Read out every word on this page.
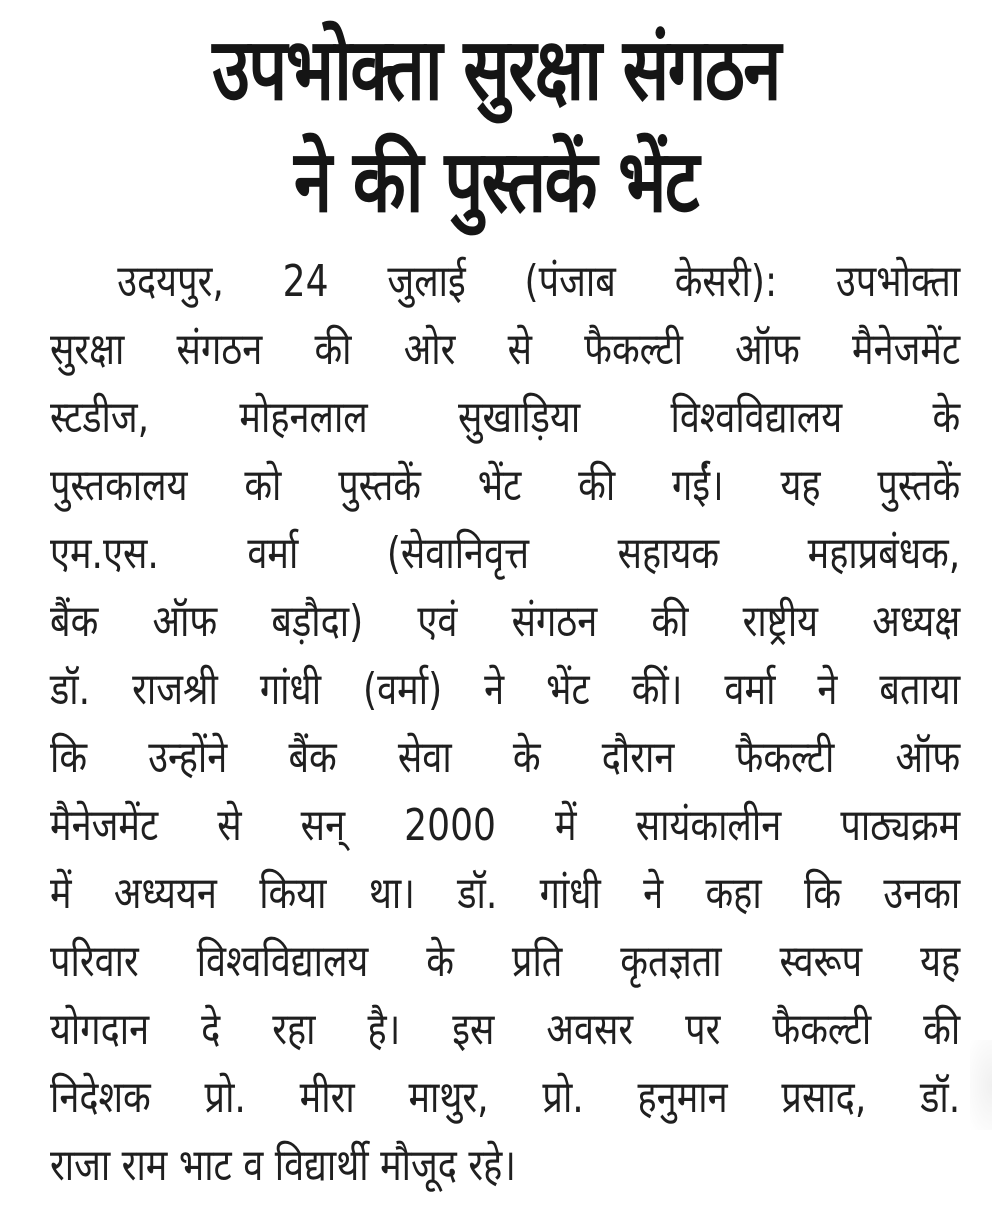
उपभोक्ता सुरक्षा संगठन
ने की पुस्तकें भेंट
उदयपुर, 24 जुलाई (पंजाब केसरी): उपभोक्ता
सुरक्षा संगठन की ओर से फैकल्टी ऑफ मैनेजमेंट
स्टडीज, मोहनलाल सुखाड़िया विश्वविद्यालय के
पुस्तकालय को पुस्तकें भेंट की गईं। यह पुस्तकें
एम.एस. वर्मा (सेवानिवृत्त सहायक महाप्रबंधक,
बैंक ऑफ बड़ौदा) एवं संगठन की राष्ट्रीय अध्यक्ष
डॉ. राजश्री गांधी (वर्मा) ने भेंट कीं। वर्मा ने बताया
कि उन्होंने बैंक सेवा के दौरान फैकल्टी ऑफ
मैनेजमेंट से सन् 2000 में सायंकालीन पाठ्यक्रम
में अध्ययन किया था। डॉ. गांधी ने कहा कि उनका
परिवार विश्वविद्यालय के प्रति कृतज्ञता स्वरूप यह
योगदान दे रहा है। इस अवसर पर फैकल्टी की
निदेशक प्रो. मीरा माथुर, प्रो. हनुमान प्रसाद, डॉ.
राजा राम भाट व विद्यार्थी मौजूद रहे।
